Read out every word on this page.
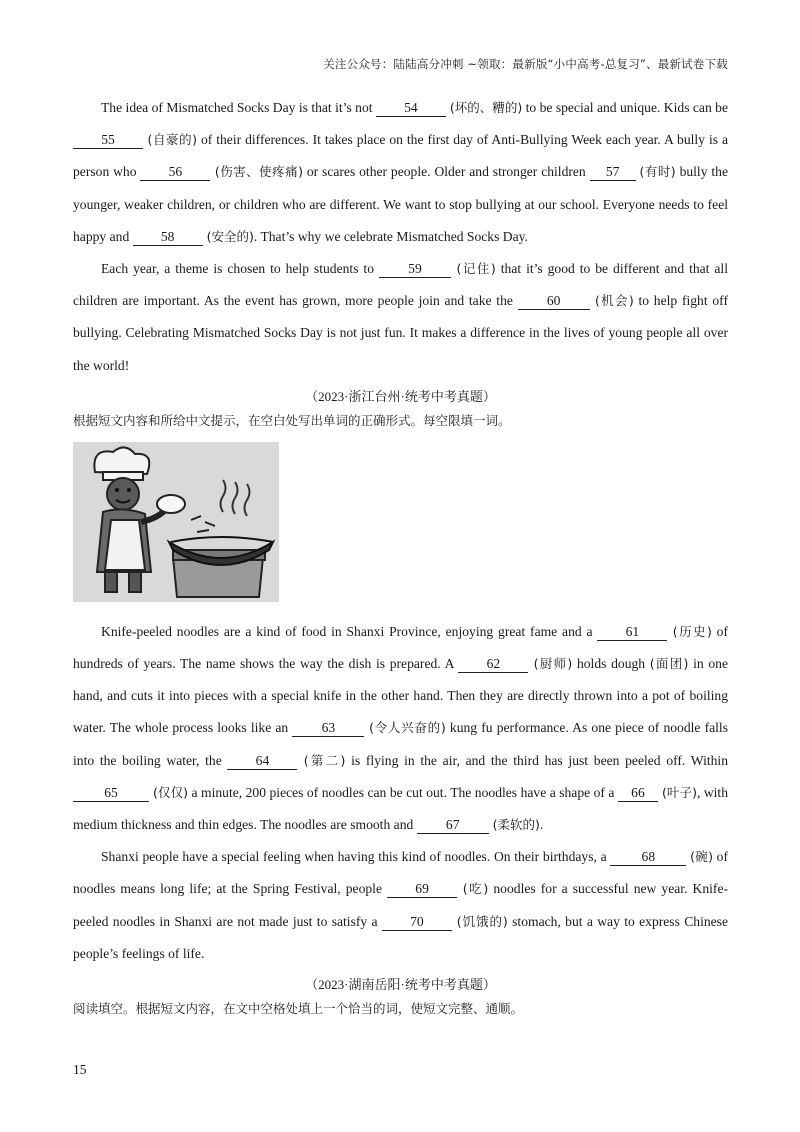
关注公众号：陆陆高分冲刺 ~领取：最新版“小中高考-总复习”、最新试卷下载

The idea of Mismatched Socks Day is that it’s not 54 (坏的、糟的) to be special and unique. Kids can be 55 (自豪的) of their differences. It takes place on the first day of Anti-Bullying Week each year. A bully is a person who 56 (伤害、使疼痛) or scares other people. Older and stronger children 57 (有时) bully the younger, weaker children, or children who are different. We want to stop bullying at our school. Everyone needs to feel happy and 58 (安全的). That’s why we celebrate Mismatched Socks Day.

Each year, a theme is chosen to help students to 59 (记住) that it’s good to be different and that all children are important. As the event has grown, more people join and take the 60 (机会) to help fight off bullying. Celebrating Mismatched Socks Day is not just fun. It makes a difference in the lives of young people all over the world!

（2023·浙江台州·统考中考真题）
根据短文内容和所给中文提示，在空白处写出单词的正确形式。每空限填一词。

Knife-peeled noodles are a kind of food in Shanxi Province, enjoying great fame and a 61 (历史) of hundreds of years. The name shows the way the dish is prepared. A 62 (厨师) holds dough (面团) in one hand, and cuts it into pieces with a special knife in the other hand. Then they are directly thrown into a pot of boiling water. The whole process looks like an 63 (令人兴奋的) kung fu performance. As one piece of noodle falls into the boiling water, the 64 (第二) is flying in the air, and the third has just been peeled off. Within 65 (仅仅) a minute, 200 pieces of noodles can be cut out. The noodles have a shape of a 66 (叶子), with medium thickness and thin edges. The noodles are smooth and 67 (柔软的).

Shanxi people have a special feeling when having this kind of noodles. On their birthdays, a 68	(碗) of noodles means long life; at the Spring Festival, people 69 (吃) noodles for a successful new year. Knife-peeled noodles in Shanxi are not made just to satisfy a 70 (饥饿的) stomach, but a way to express Chinese people’s feelings of life.

（2023·湖南岳阳·统考中考真题）
阅读填空。根据短文内容，在文中空格处填上一个恰当的词，使短文完整、通顺。
15
